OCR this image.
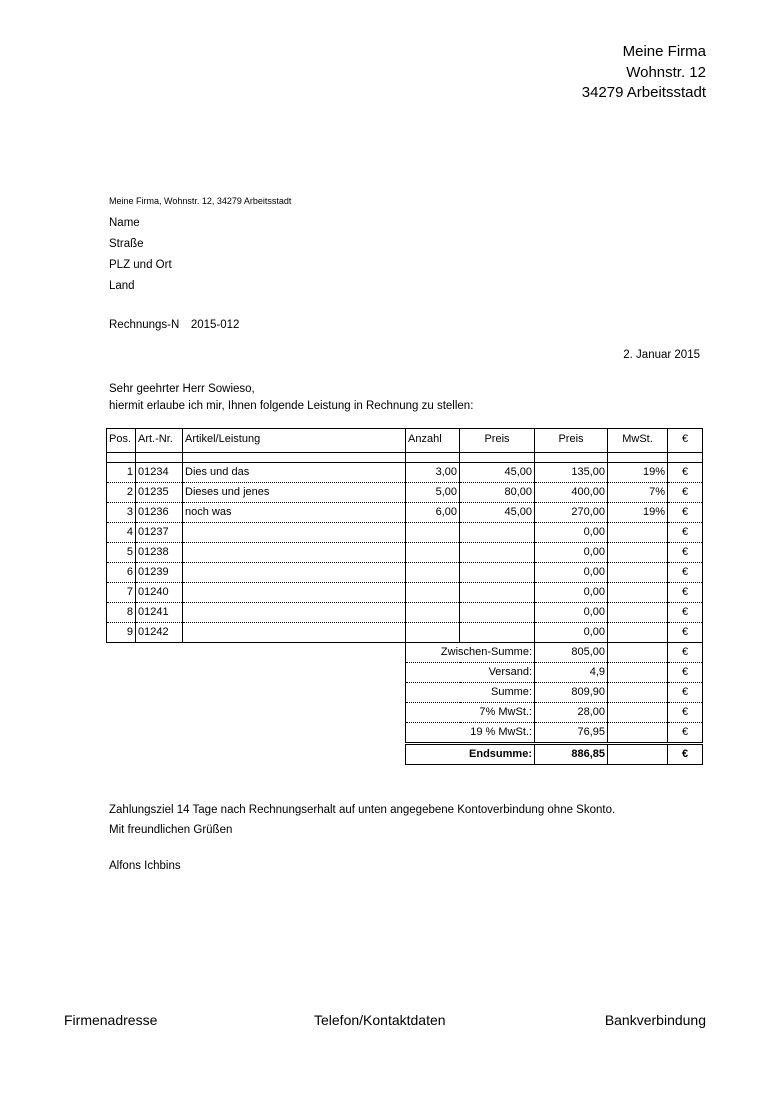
Meine Firma
Wohnstr. 12
34279 Arbeitsstadt
Meine Firma, Wohnstr. 12, 34279 Arbeitsstadt
Name
Straße
PLZ und Ort
Land
Rechnungs-N 2015-012
2. Januar 2015
Sehr geehrter Herr Sowieso,
hiermit erlaube ich mir, Ihnen folgende Leistung in Rechnung zu stellen:
Pos.	Art.-Nr.	Artikel/Leistung	Anzahl	Preis	Preis	MwSt.	€

1	01234	Dies und das	3,00	45,00	135,00	19%	€
2	01235	Dieses und jenes	5,00	80,00	400,00	7%	€
3	01236	noch was	6,00	45,00	270,00	19%	€
4	01237				0,00		€
5	01238				0,00		€
6	01239				0,00		€
7	01240				0,00		€
8	01241				0,00		€
9	01242				0,00		€
			Zwischen-Summe:		805,00		€
			Versand:		4,9		€
			Summe:		809,90		€
			7% MwSt.:		28,00		€
			19 % MwSt.:		76,95		€
			Endsumme:		886,85		€
Zahlungsziel 14 Tage nach Rechnungserhalt auf unten angegebene Kontoverbindung ohne Skonto.
Mit freundlichen Grüßen
Alfons Ichbins
Firmenadresse	Telefon/Kontaktdaten	Bankverbindung
